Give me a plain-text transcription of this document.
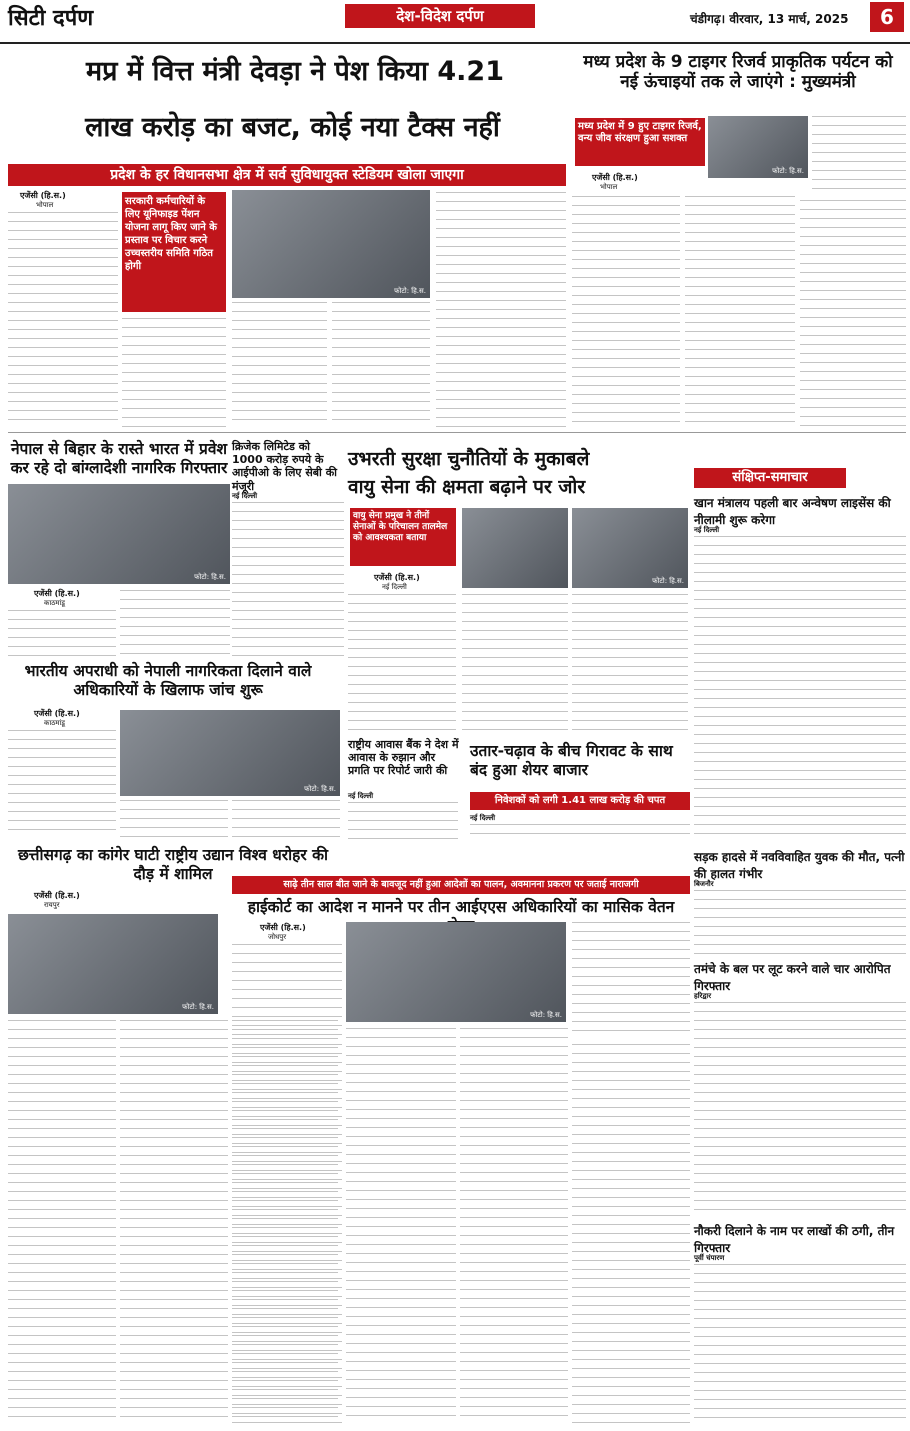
सिटी दर्पण	देश-विदेश दर्पण	चंडीगढ़। वीरवार, 13 मार्च, 2025	6
मप्र में वित्त मंत्री देवड़ा ने पेश किया 4.21
लाख करोड़ का बजट, कोई नया टैक्स नहीं
प्रदेश के हर विधानसभा क्षेत्र में सर्व सुविधायुक्त स्टेडियम खोला जाएगा
एजेंसी (हि.स.)
भोपाल	सरकारी कर्मचारियों के लिए यूनिफाइड पेंशन योजना लागू किए जाने के प्रस्ताव पर विचार करने उच्चस्तरीय समिति गठित होगी
फोटो: हि.स.
मध्य प्रदेश के 9 टाइगर रिजर्व प्राकृतिक पर्यटन को नई ऊंचाइयों तक ले जाएंगे : मुख्यमंत्री
मध्य प्रदेश में 9 हुए टाइगर रिजर्व, वन्य जीव संरक्षण हुआ सशक्त
फोटो: हि.स.
एजेंसी (हि.स.)
भोपाल
नेपाल से बिहार के रास्ते भारत में प्रवेश कर रहे दो बांग्लादेशी नागरिक गिरफ्तार
फोटो: हि.स.
एजेंसी (हि.स.)
काठमांडू
क्रिजेक लिमिटेड को 1000 करोड़ रुपये के आईपीओ के लिए सेबी की मंजूरी
नई दिल्ली
उभरती सुरक्षा चुनौतियों के मुकाबले
वायु सेना की क्षमता बढ़ाने पर जोर
वायु सेना प्रमुख ने तीनों सेनाओं के परिचालन तालमेल को आवश्यकता बताया
फोटो: हि.स.
एजेंसी (हि.स.)
नई दिल्ली
संक्षिप्त-समाचार
खान मंत्रालय पहली बार अन्वेषण लाइसेंस की नीलामी शुरू करेगा
नई दिल्ली
सड़क हादसे में नवविवाहित युवक की मौत, पत्नी की हालत गंभीर
बिजनौर
तमंचे के बल पर लूट करने वाले चार आरोपित गिरफ्तार
हरिद्वार
नौकरी दिलाने के नाम पर लाखों की ठगी, तीन गिरफ्तार
पूर्वी चंपारण
भारतीय अपराधी को नेपाली नागरिकता दिलाने वाले अधिकारियों के खिलाफ जांच शुरू
एजेंसी (हि.स.)
काठमांडू
फोटो: हि.स.
राष्ट्रीय आवास बैंक ने देश में आवास के रुझान और प्रगति पर रिपोर्ट जारी की
नई दिल्ली
उतार-चढ़ाव के बीच गिरावट के साथ बंद हुआ शेयर बाजार
निवेशकों को लगी 1.41 लाख करोड़ की चपत
नई दिल्ली
छत्तीसगढ़ का कांगेर घाटी राष्ट्रीय उद्यान विश्व धरोहर की दौड़ में शामिल
एजेंसी (हि.स.)
रायपुर
फोटो: हि.स.
साढ़े तीन साल बीत जाने के बावजूद नहीं हुआ आदेशों का पालन, अवमानना प्रकरण पर जताई नाराजगी
हाईकोर्ट का आदेश न मानने पर तीन आईएएस अधिकारियों का मासिक वेतन
एजेंसी (हि.स.)
जोधपुर
फोटो: हि.स.
